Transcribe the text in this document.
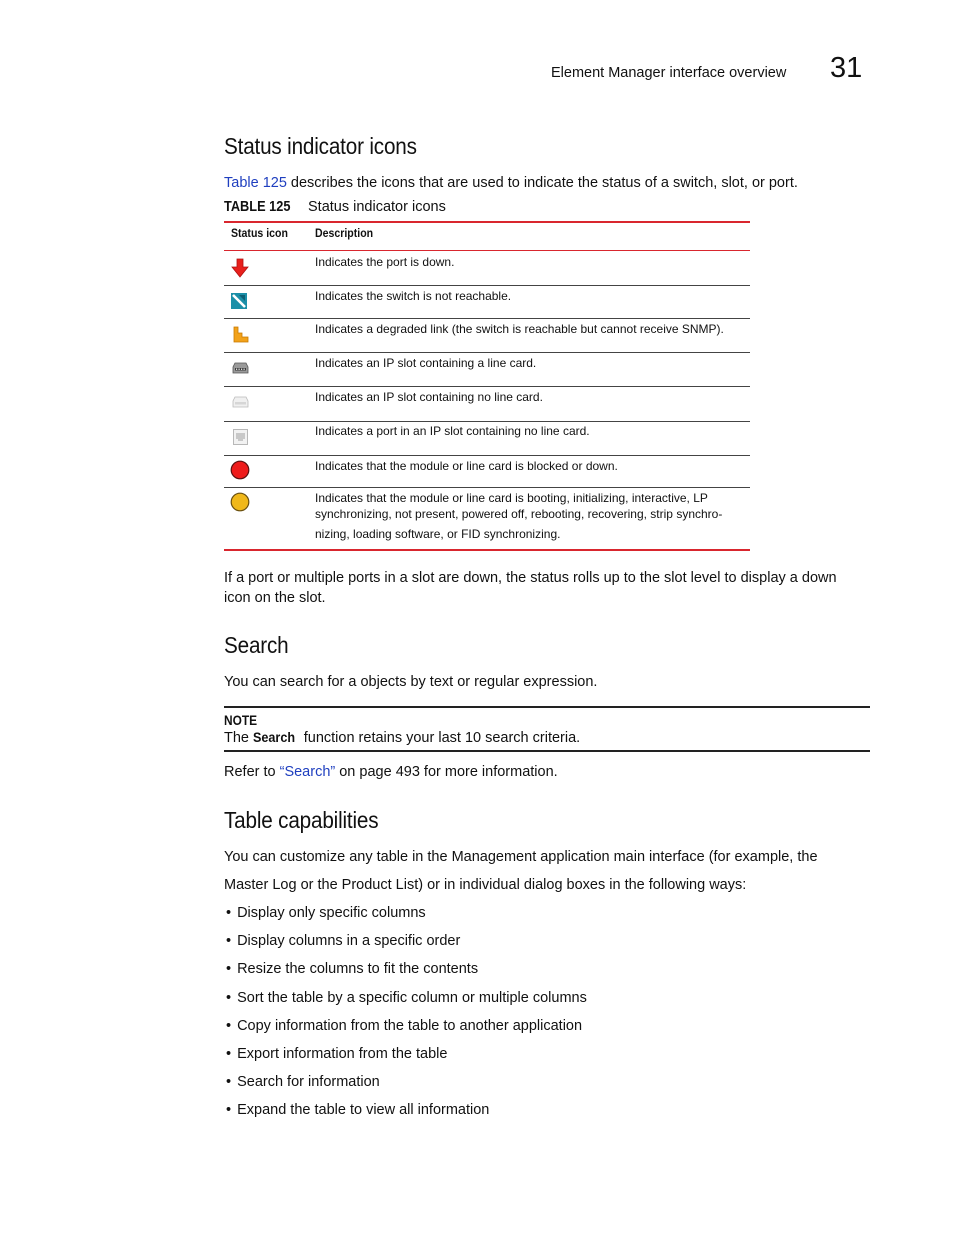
Element Manager interface overview 31
Status indicator icons
Table 125 describes the icons that are used to indicate the status of a switch, slot, or port.
TABLE 125 Status indicator icons
Status icon Description
Indicates the port is down.
Indicates the switch is not reachable.
Indicates a degraded link (the switch is reachable but cannot receive SNMP).
Indicates an IP slot containing a line card.
Indicates an IP slot containing no line card.
Indicates a port in an IP slot containing no line card.
Indicates that the module or line card is blocked or down.
Indicates that the module or line card is booting, initializing, interactive, LP
synchronizing, not present, powered off, rebooting, recovering, strip synchro-
nizing, loading software, or FID synchronizing.
If a port or multiple ports in a slot are down, the status rolls up to the slot level to display a down icon on the slot.
Search
You can search for a objects by text or regular expression.
NOTE
The Search function retains your last 10 search criteria.
Refer to “Search” on page 493 for more information.
Table capabilities
You can customize any table in the Management application main interface (for example, the
Master Log or the Product List) or in individual dialog boxes in the following ways:
• Display only specific columns
• Display columns in a specific order
• Resize the columns to fit the contents
• Sort the table by a specific column or multiple columns
• Copy information from the table to another application
• Export information from the table
• Search for information
• Expand the table to view all information
